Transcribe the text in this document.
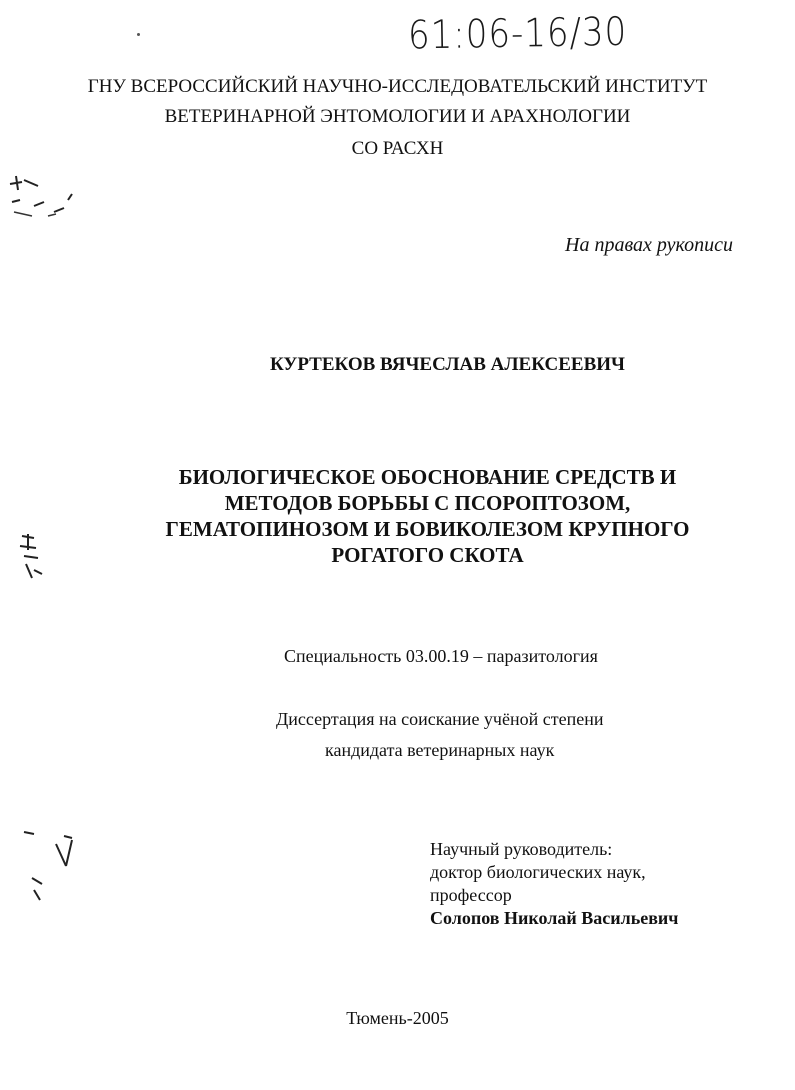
61:06-16/30
ГНУ ВСЕРОССИЙСКИЙ НАУЧНО-ИССЛЕДОВАТЕЛЬСКИЙ ИНСТИТУТ
ВЕТЕРИНАРНОЙ ЭНТОМОЛОГИИ И АРАХНОЛОГИИ
СО РАСХН
На правах рукописи
КУРТЕКОВ ВЯЧЕСЛАВ АЛЕКСЕЕВИЧ
БИОЛОГИЧЕСКОЕ ОБОСНОВАНИЕ СРЕДСТВ И
МЕТОДОВ БОРЬБЫ С ПСОРОПТОЗОМ,
ГЕМАТОПИНОЗОМ И БОВИКОЛЕЗОМ КРУПНОГО
РОГАТОГО СКОТА
Специальность 03.00.19 – паразитология
Диссертация на соискание учёной степени
кандидата ветеринарных наук
Научный руководитель:
доктор биологических наук,
профессор
Солопов Николай Васильевич
Тюмень-2005
